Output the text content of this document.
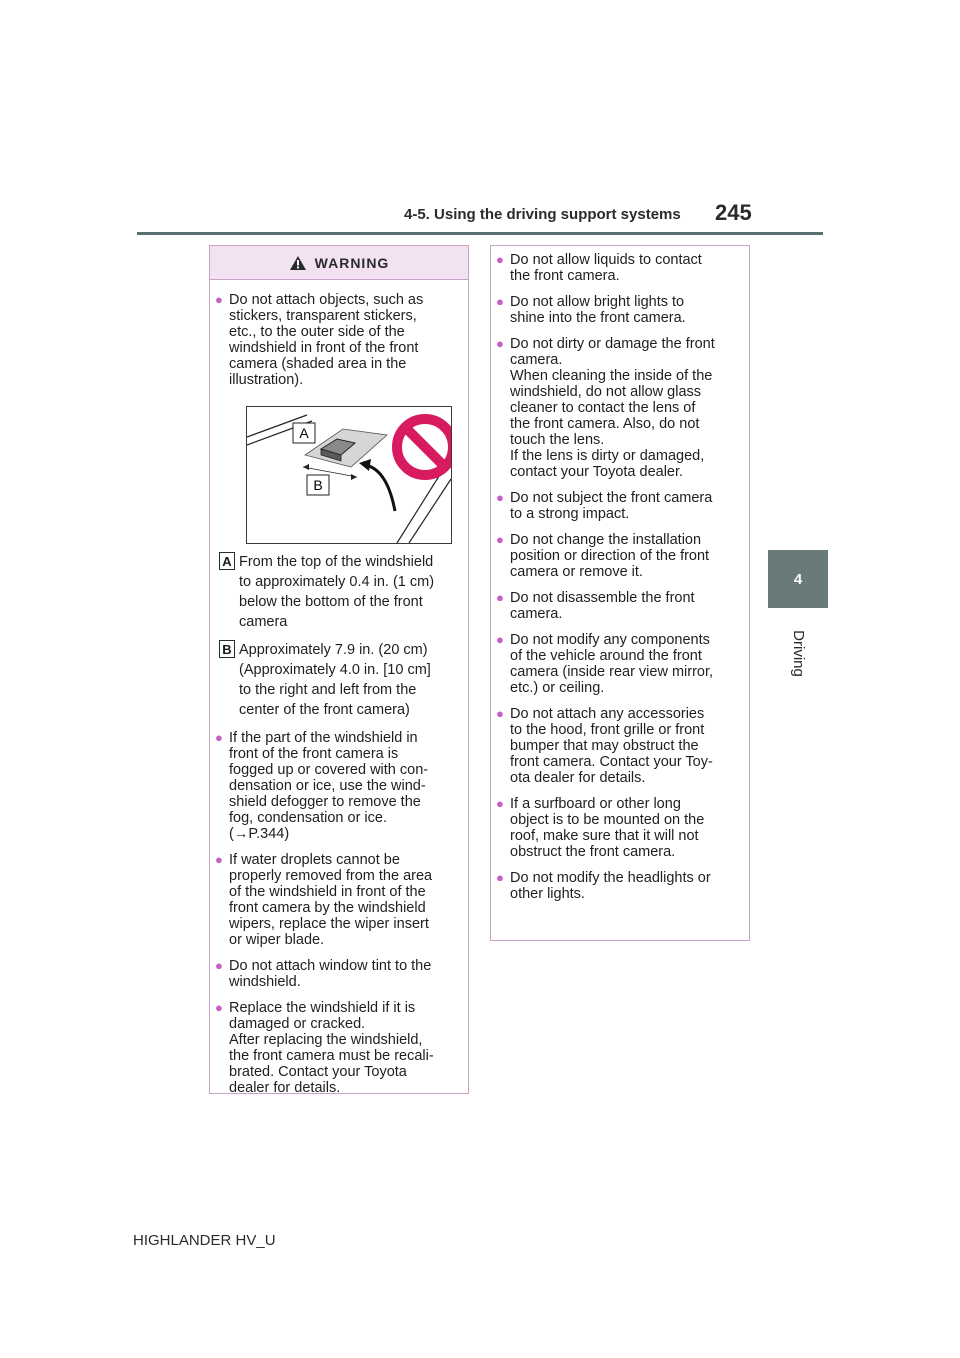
4-5. Using the driving support systems 245
4
Driving
WARNING
● Do not attach objects, such as
stickers, transparent stickers,
etc., to the outer side of the
windshield in front of the front
camera (shaded area in the
illustration).
A
B
A From the top of the windshield
to approximately 0.4 in. (1 cm)
below the bottom of the front
camera
B Approximately 7.9 in. (20 cm)
(Approximately 4.0 in. [10 cm]
to the right and left from the
center of the front camera)
● If the part of the windshield in
front of the front camera is
fogged up or covered with con-
densation or ice, use the wind-
shield defogger to remove the
fog, condensation or ice.
(→P.344)
● If water droplets cannot be
properly removed from the area
of the windshield in front of the
front camera by the windshield
wipers, replace the wiper insert
or wiper blade.
● Do not attach window tint to the
windshield.
● Replace the windshield if it is
damaged or cracked.
After replacing the windshield,
the front camera must be recali-
brated. Contact your Toyota
dealer for details.
● Do not allow liquids to contact
the front camera.
● Do not allow bright lights to
shine into the front camera.
● Do not dirty or damage the front
camera.
When cleaning the inside of the
windshield, do not allow glass
cleaner to contact the lens of
the front camera. Also, do not
touch the lens.
If the lens is dirty or damaged,
contact your Toyota dealer.
● Do not subject the front camera
to a strong impact.
● Do not change the installation
position or direction of the front
camera or remove it.
● Do not disassemble the front
camera.
● Do not modify any components
of the vehicle around the front
camera (inside rear view mirror,
etc.) or ceiling.
● Do not attach any accessories
to the hood, front grille or front
bumper that may obstruct the
front camera. Contact your Toy-
ota dealer for details.
● If a surfboard or other long
object is to be mounted on the
roof, make sure that it will not
obstruct the front camera.
● Do not modify the headlights or
other lights.
HIGHLANDER HV_U
